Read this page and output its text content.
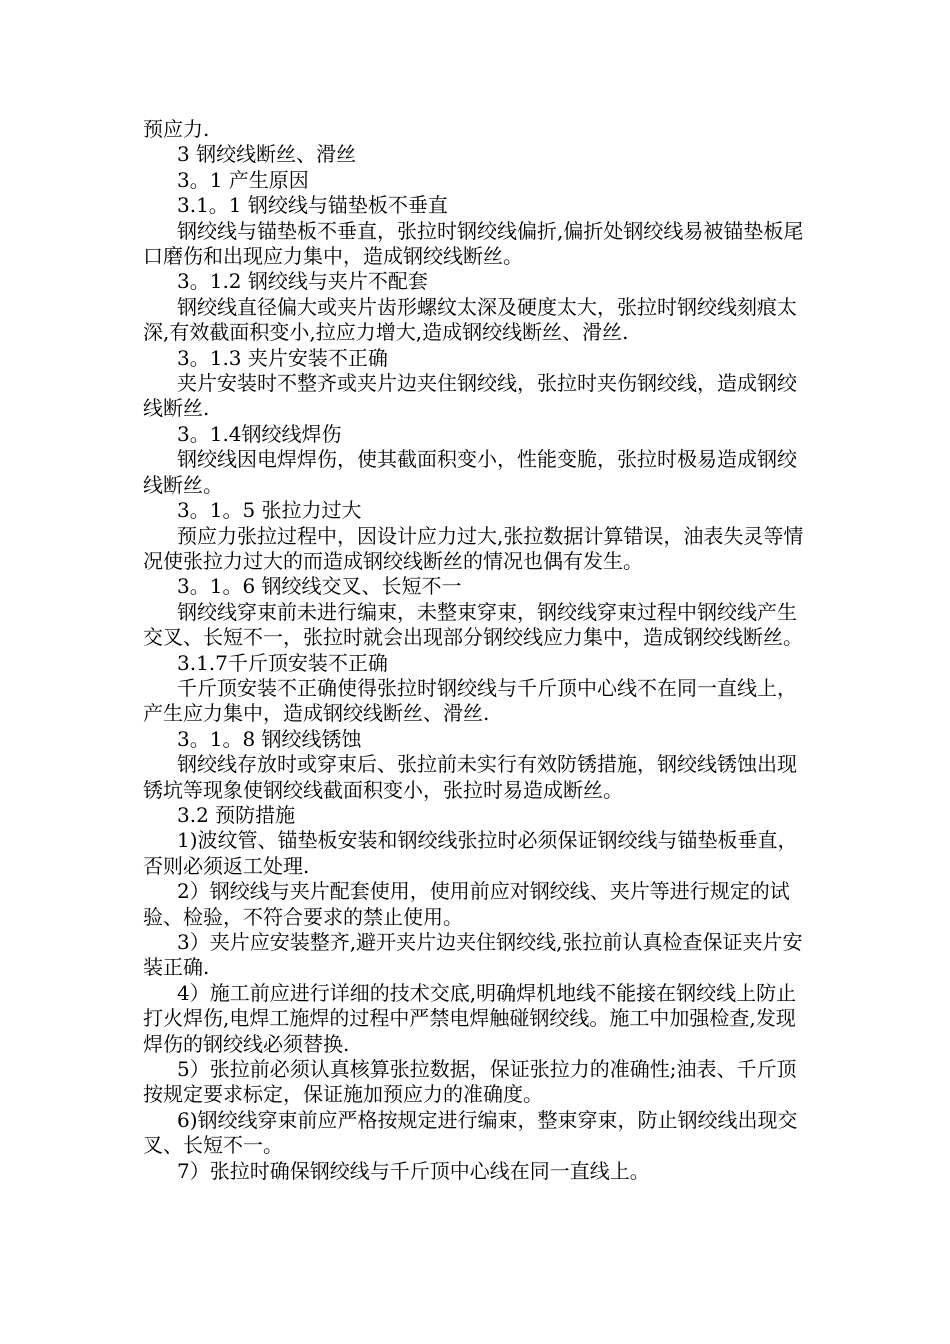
预应力.

3 钢绞线断丝、滑丝

3。1 产生原因

3.1。1 钢绞线与锚垫板不垂直

钢绞线与锚垫板不垂直，张拉时钢绞线偏折,偏折处钢绞线易被锚垫板尾口磨伤和出现应力集中，造成钢绞线断丝。

3。1.2 钢绞线与夹片不配套

钢绞线直径偏大或夹片齿形螺纹太深及硬度太大，张拉时钢绞线刻痕太深,有效截面积变小,拉应力增大,造成钢绞线断丝、滑丝.

3。1.3 夹片安装不正确

夹片安装时不整齐或夹片边夹住钢绞线，张拉时夹伤钢绞线，造成钢绞线断丝.

3。1.4钢绞线焊伤

钢绞线因电焊焊伤，使其截面积变小，性能变脆，张拉时极易造成钢绞线断丝。

3。1。5 张拉力过大

预应力张拉过程中，因设计应力过大,张拉数据计算错误，油表失灵等情况使张拉力过大的而造成钢绞线断丝的情况也偶有发生。

3。1。6 钢绞线交叉、长短不一

钢绞线穿束前未进行编束，未整束穿束，钢绞线穿束过程中钢绞线产生交叉、长短不一，张拉时就会出现部分钢绞线应力集中，造成钢绞线断丝。

3.1.7千斤顶安装不正确

千斤顶安装不正确使得张拉时钢绞线与千斤顶中心线不在同一直线上，产生应力集中，造成钢绞线断丝、滑丝.

3。1。8 钢绞线锈蚀

钢绞线存放时或穿束后、张拉前未实行有效防锈措施，钢绞线锈蚀出现锈坑等现象使钢绞线截面积变小，张拉时易造成断丝。

3.2 预防措施

1)波纹管、锚垫板安装和钢绞线张拉时必须保证钢绞线与锚垫板垂直，否则必须返工处理.

2）钢绞线与夹片配套使用，使用前应对钢绞线、夹片等进行规定的试验、检验，不符合要求的禁止使用。

3）夹片应安装整齐,避开夹片边夹住钢绞线,张拉前认真检查保证夹片安装正确.

4）施工前应进行详细的技术交底,明确焊机地线不能接在钢绞线上防止打火焊伤,电焊工施焊的过程中严禁电焊触碰钢绞线。施工中加强检查,发现焊伤的钢绞线必须替换.

5）张拉前必须认真核算张拉数据，保证张拉力的准确性;油表、千斤顶按规定要求标定，保证施加预应力的准确度。

6)钢绞线穿束前应严格按规定进行编束，整束穿束，防止钢绞线出现交叉、长短不一。

7）张拉时确保钢绞线与千斤顶中心线在同一直线上。
